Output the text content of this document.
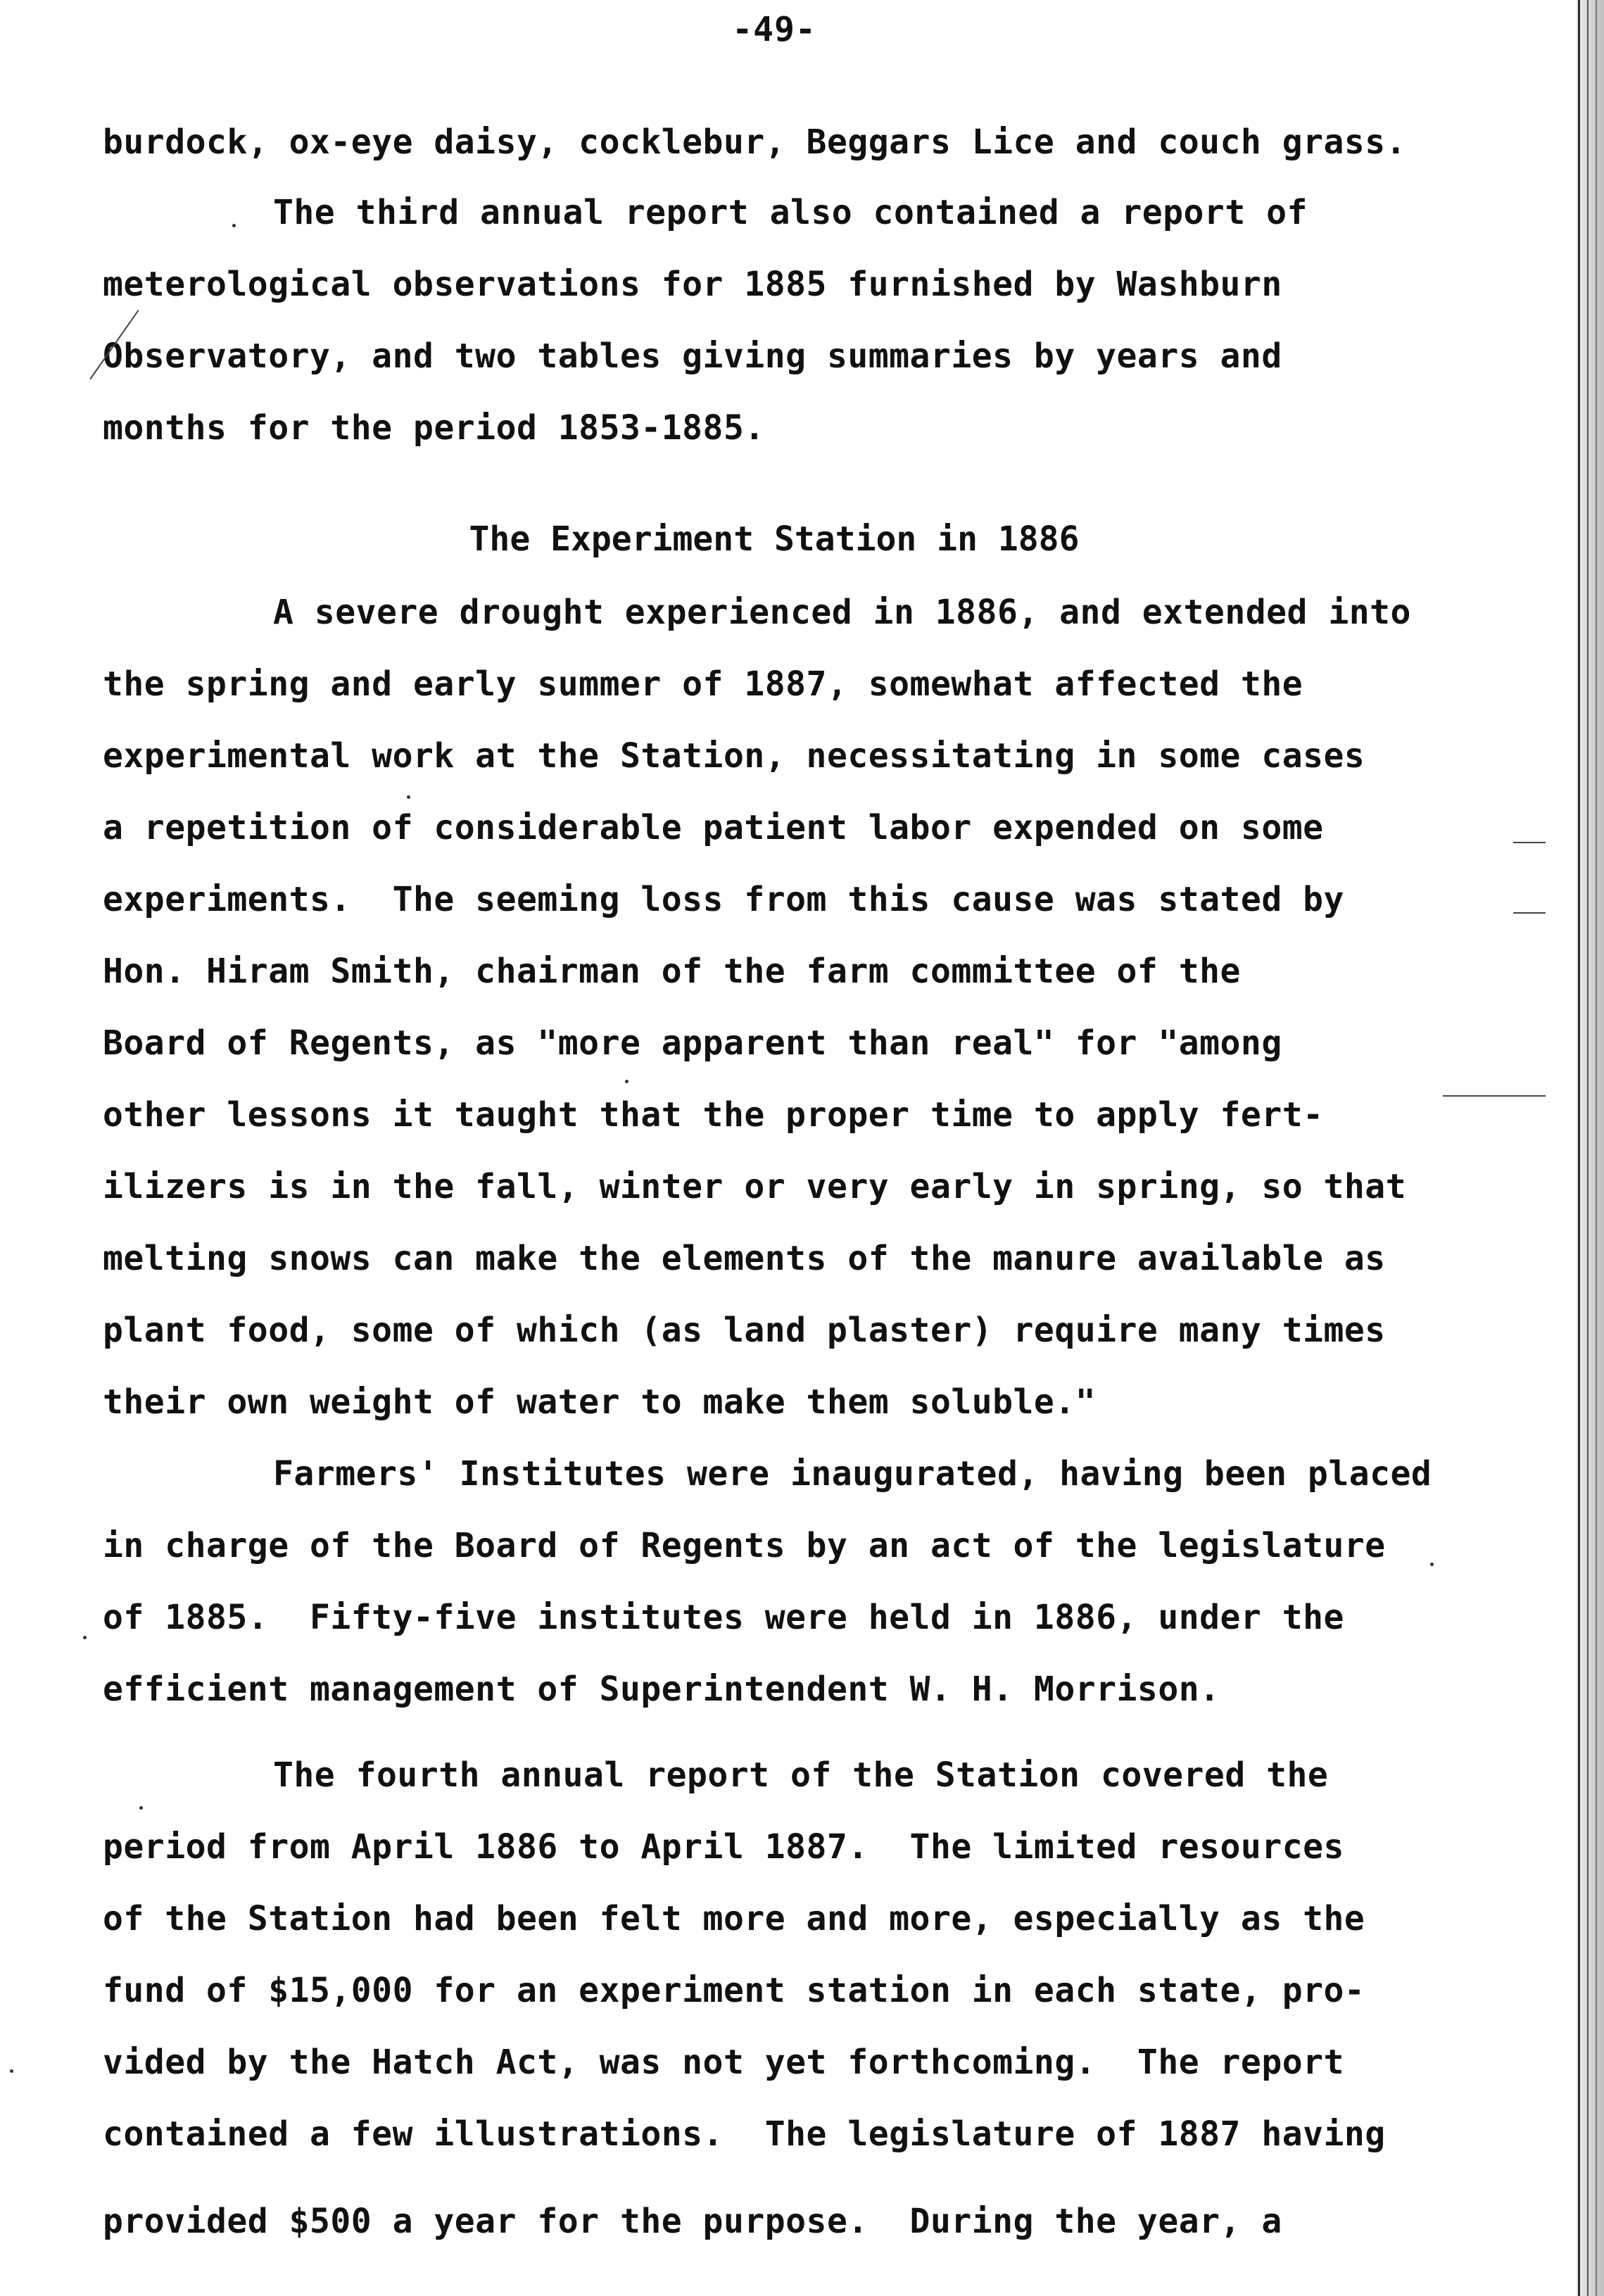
-49-
burdock, ox-eye daisy, cocklebur, Beggars Lice and couch grass.
The third annual report also contained a report of
meterological observations for 1885 furnished by Washburn
Observatory, and two tables giving summaries by years and
months for the period 1853-1885.
The Experiment Station in 1886
A severe drought experienced in 1886, and extended into
the spring and early summer of 1887, somewhat affected the
experimental work at the Station, necessitating in some cases
a repetition of considerable patient labor expended on some
experiments.  The seeming loss from this cause was stated by
Hon. Hiram Smith, chairman of the farm committee of the
Board of Regents, as "more apparent than real" for "among
other lessons it taught that the proper time to apply fert-
ilizers is in the fall, winter or very early in spring, so that
melting snows can make the elements of the manure available as
plant food, some of which (as land plaster) require many times
their own weight of water to make them soluble."
Farmers' Institutes were inaugurated, having been placed
in charge of the Board of Regents by an act of the legislature
of 1885.  Fifty-five institutes were held in 1886, under the
efficient management of Superintendent W. H. Morrison.
The fourth annual report of the Station covered the
period from April 1886 to April 1887.  The limited resources
of the Station had been felt more and more, especially as the
fund of $15,000 for an experiment station in each state, pro-
vided by the Hatch Act, was not yet forthcoming.  The report
contained a few illustrations.  The legislature of 1887 having
provided $500 a year for the purpose.  During the year, a
